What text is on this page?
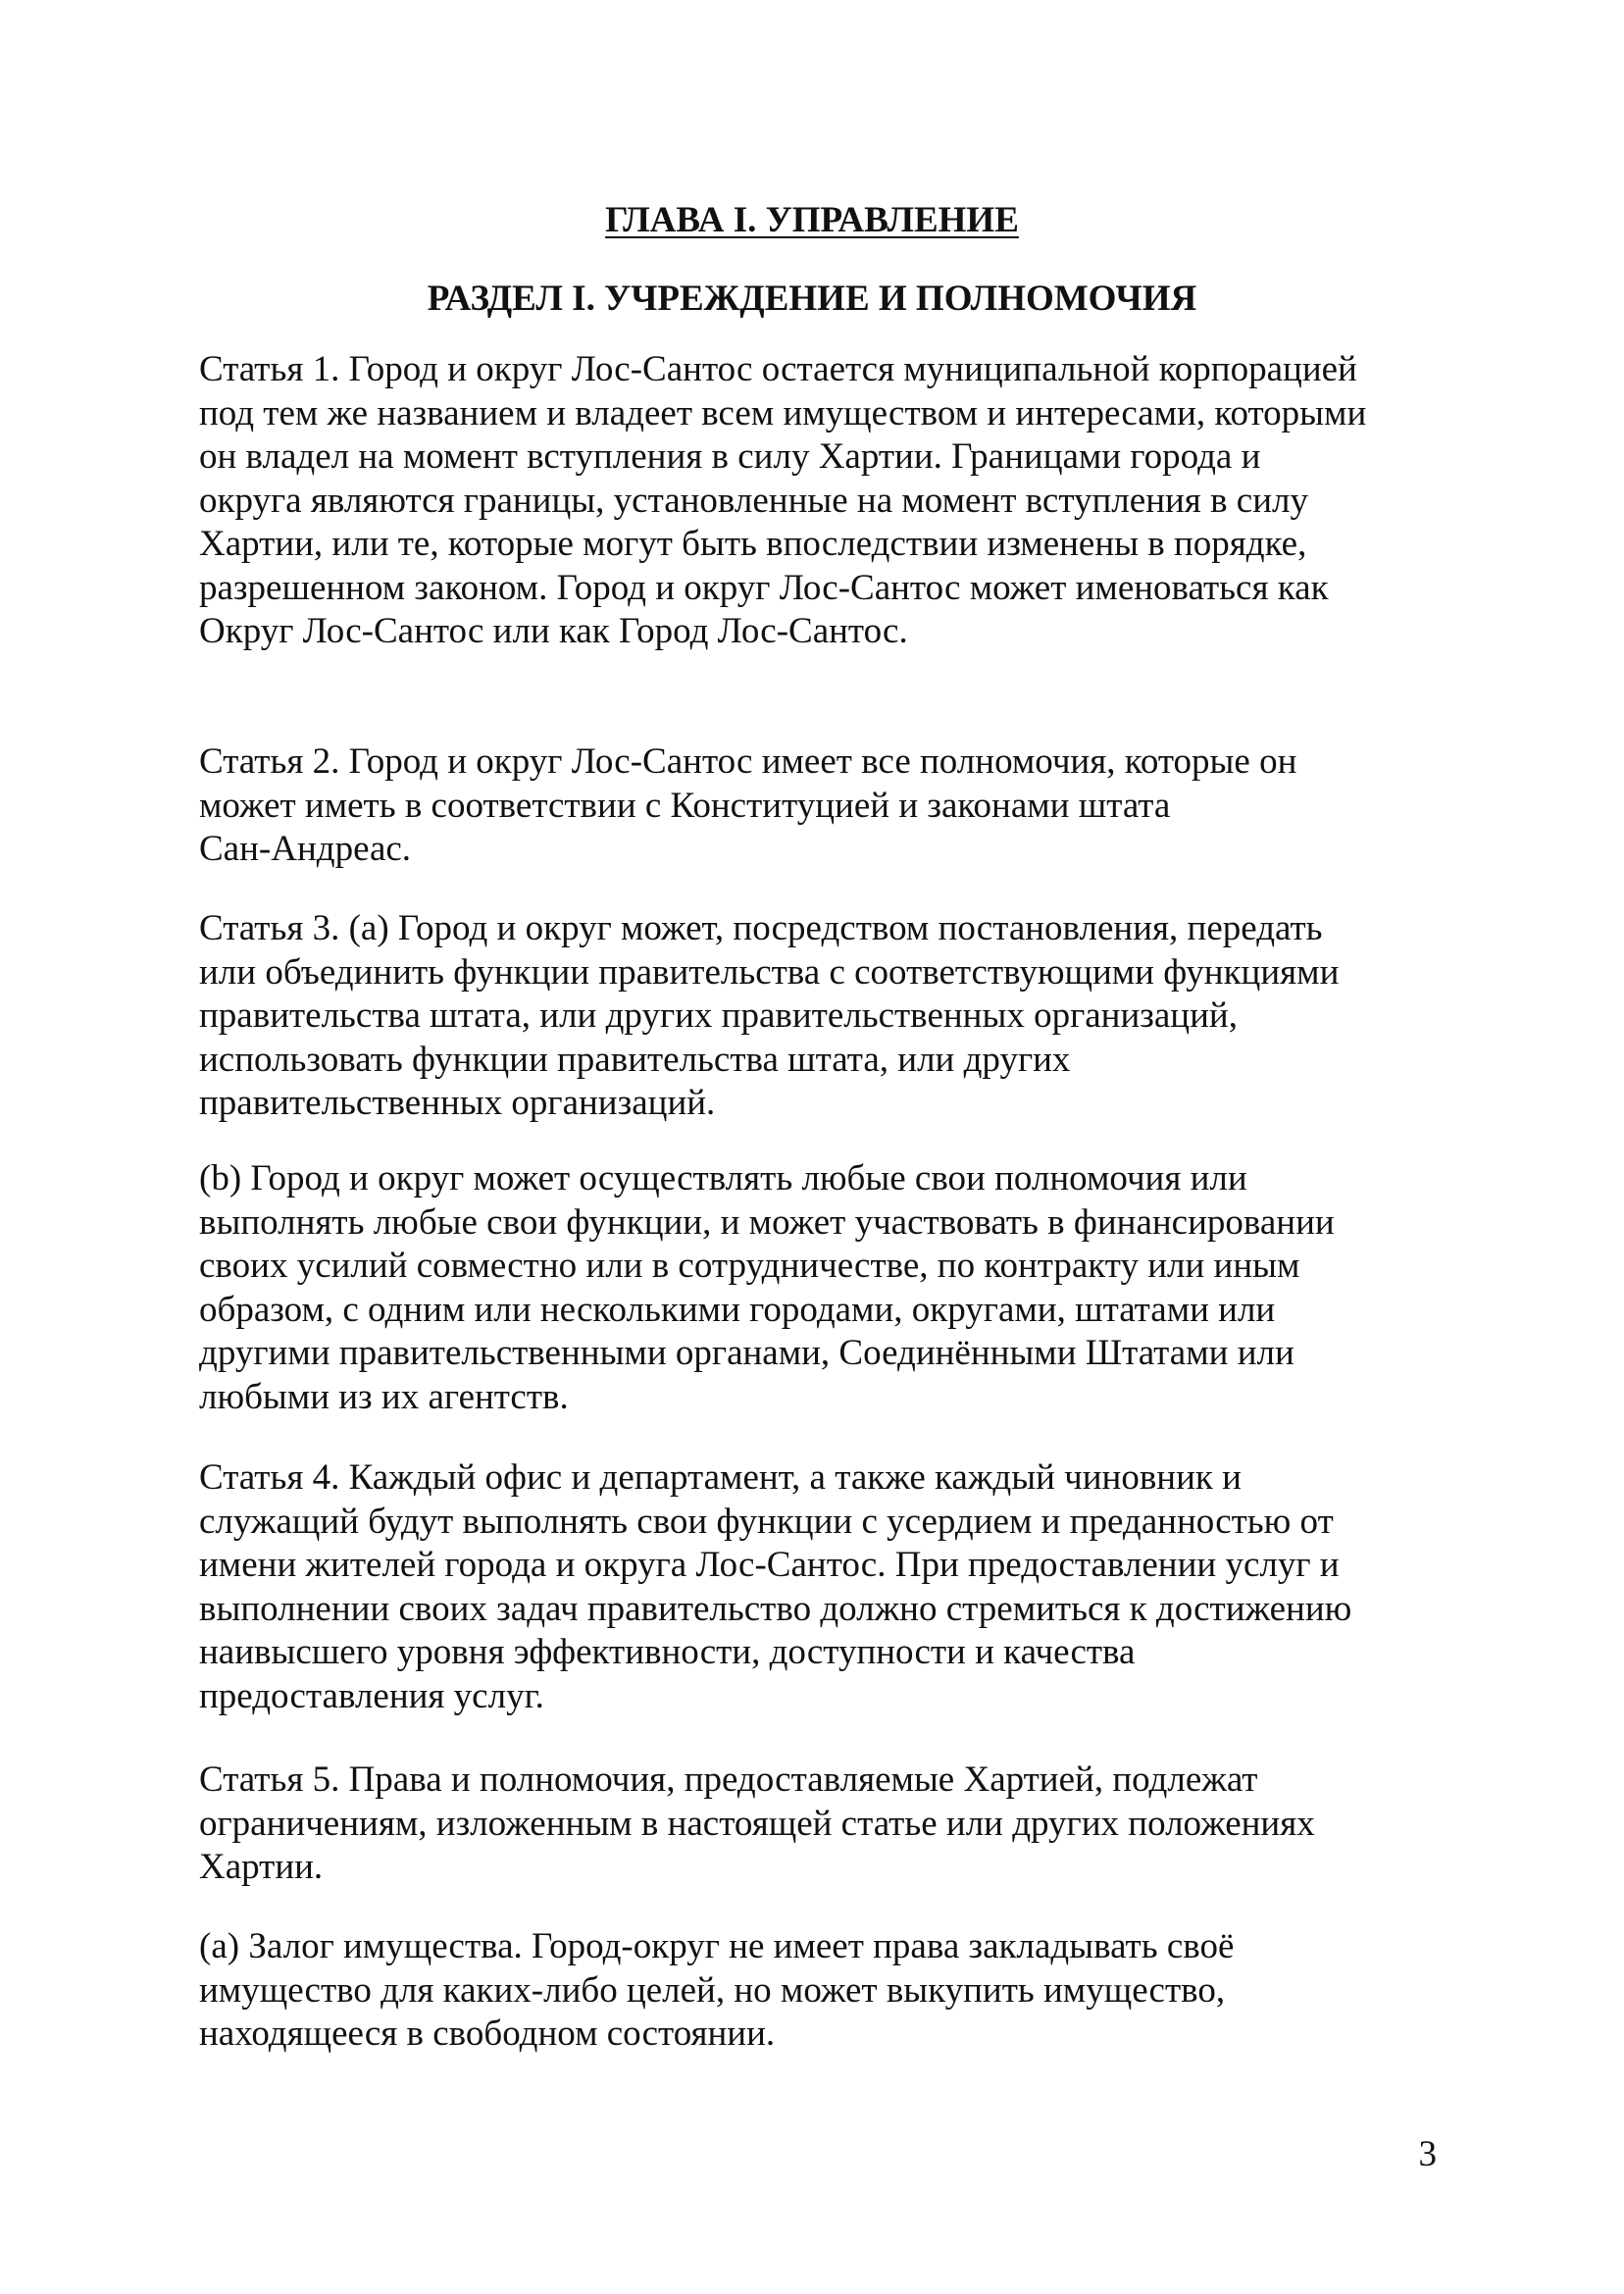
ГЛАВА I. УПРАВЛЕНИЕ
РАЗДЕЛ I. УЧРЕЖДЕНИЕ И ПОЛНОМОЧИЯ

Статья 1. Город и округ Лос-Сантос остается муниципальной корпорацией
под тем же названием и владеет всем имуществом и интересами, которыми
он владел на момент вступления в силу Хартии. Границами города и
округа являются границы, установленные на момент вступления в силу
Хартии, или те, которые могут быть впоследствии изменены в порядке,
разрешенном законом. Город и округ Лос-Сантос может именоваться как
Округ Лос-Сантос или как Город Лос-Сантос.

Статья 2. Город и округ Лос-Сантос имеет все полномочия, которые он
может иметь в соответствии с Конституцией и законами штата
Сан-Андреас.

Статья 3. (a) Город и округ может, посредством постановления, передать
или объединить функции правительства с соответствующими функциями
правительства штата, или других правительственных организаций,
использовать функции правительства штата, или других
правительственных организаций.

(b) Город и округ может осуществлять любые свои полномочия или
выполнять любые свои функции, и может участвовать в финансировании
своих усилий совместно или в сотрудничестве, по контракту или иным
образом, с одним или несколькими городами, округами, штатами или
другими правительственными органами, Соединёнными Штатами или
любыми из их агентств.

Статья 4. Каждый офис и департамент, а также каждый чиновник и
служащий будут выполнять свои функции с усердием и преданностью от
имени жителей города и округа Лос-Сантос. При предоставлении услуг и
выполнении своих задач правительство должно стремиться к достижению
наивысшего уровня эффективности, доступности и качества
предоставления услуг.

Статья 5. Права и полномочия, предоставляемые Хартией, подлежат
ограничениям, изложенным в настоящей статье или других положениях
Хартии.

(a) Залог имущества. Город-округ не имеет права закладывать своё
имущество для каких-либо целей, но может выкупить имущество,
находящееся в свободном состоянии.

3
